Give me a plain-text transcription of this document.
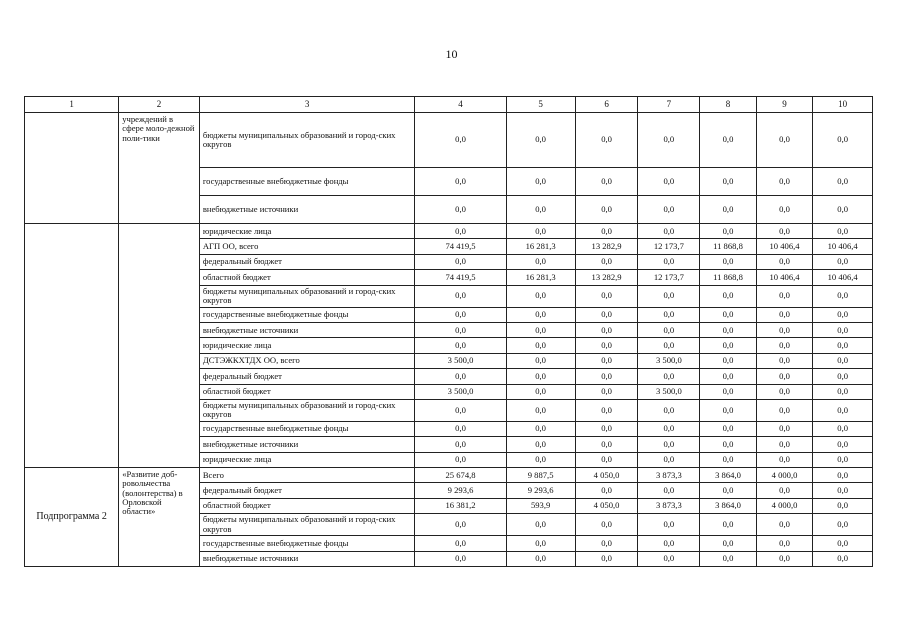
10
1	2	3	4	5	6	7	8	9	10
	учреждений в сфере моло-дежной поли-тики	бюджеты муниципальных образований и город-ских округов	0,0	0,0	0,0	0,0	0,0	0,0	0,0
		государственные внебюджетные фонды	0,0	0,0	0,0	0,0	0,0	0,0	0,0
		внебюджетные источники	0,0	0,0	0,0	0,0	0,0	0,0	0,0
		юридические лица	0,0	0,0	0,0	0,0	0,0	0,0	0,0
		АГП ОО, всего	74 419,5	16 281,3	13 282,9	12 173,7	11 868,8	10 406,4	10 406,4
		федеральный бюджет	0,0	0,0	0,0	0,0	0,0	0,0	0,0
		областной бюджет	74 419,5	16 281,3	13 282,9	12 173,7	11 868,8	10 406,4	10 406,4
		бюджеты муниципальных образований и город-ских округов	0,0	0,0	0,0	0,0	0,0	0,0	0,0
		государственные внебюджетные фонды	0,0	0,0	0,0	0,0	0,0	0,0	0,0
		внебюджетные источники	0,0	0,0	0,0	0,0	0,0	0,0	0,0
		юридические лица	0,0	0,0	0,0	0,0	0,0	0,0	0,0
		ДСТЭЖКХТДХ ОО, всего	3 500,0	0,0	0,0	3 500,0	0,0	0,0	0,0
		федеральный бюджет	0,0	0,0	0,0	0,0	0,0	0,0	0,0
		областной бюджет	3 500,0	0,0	0,0	3 500,0	0,0	0,0	0,0
		бюджеты муниципальных образований и город-ских округов	0,0	0,0	0,0	0,0	0,0	0,0	0,0
		государственные внебюджетные фонды	0,0	0,0	0,0	0,0	0,0	0,0	0,0
		внебюджетные источники	0,0	0,0	0,0	0,0	0,0	0,0	0,0
		юридические лица	0,0	0,0	0,0	0,0	0,0	0,0	0,0
Подпрограмма 2	«Развитие доб-ровольчества (волонтерства) в Орловской области»	Всего	25 674,8	9 887,5	4 050,0	3 873,3	3 864,0	4 000,0	0,0
		федеральный бюджет	9 293,6	9 293,6	0,0	0,0	0,0	0,0	0,0
		областной бюджет	16 381,2	593,9	4 050,0	3 873,3	3 864,0	4 000,0	0,0
		бюджеты муниципальных образований и город-ских округов	0,0	0,0	0,0	0,0	0,0	0,0	0,0
		государственные внебюджетные фонды	0,0	0,0	0,0	0,0	0,0	0,0	0,0
		внебюджетные источники	0,0	0,0	0,0	0,0	0,0	0,0	0,0
